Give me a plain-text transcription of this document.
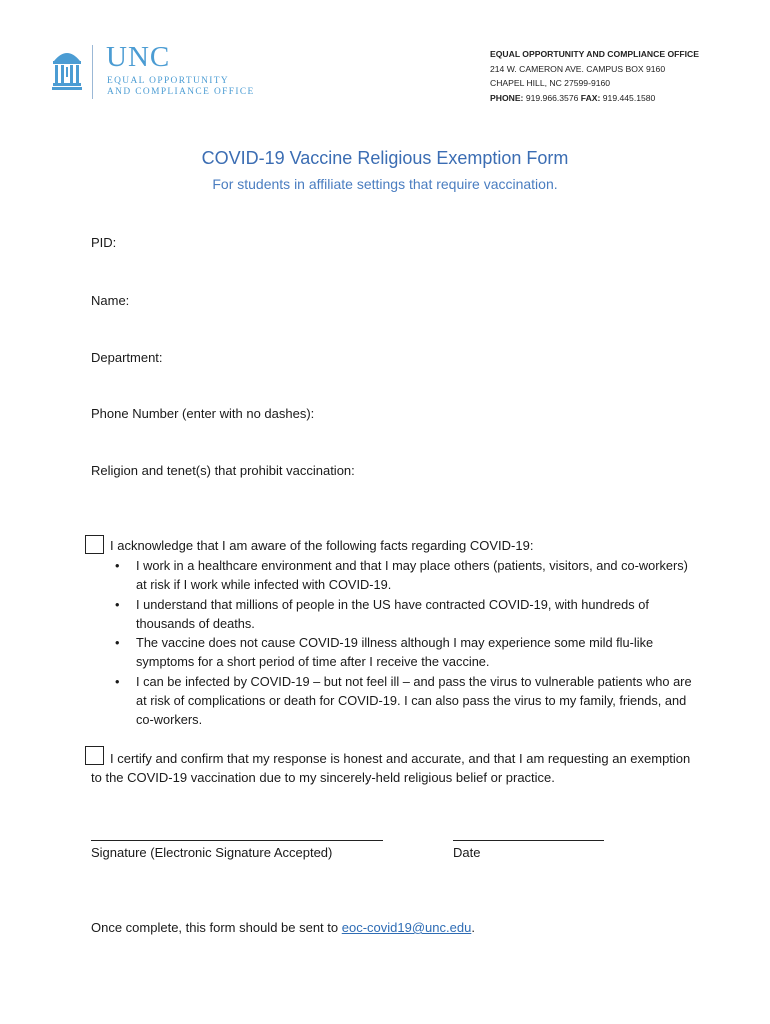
UNC
EQUAL OPPORTUNITY
AND COMPLIANCE OFFICE
EQUAL OPPORTUNITY AND COMPLIANCE OFFICE
214 W. CAMERON AVE. CAMPUS BOX 9160
CHAPEL HILL, NC 27599-9160
PHONE: 919.966.3576 FAX: 919.445.1580
COVID-19 Vaccine Religious Exemption Form
For students in affiliate settings that require vaccination.
PID:
Name:
Department:
Phone Number (enter with no dashes):
Religion and tenet(s) that prohibit vaccination:
I acknowledge that I am aware of the following facts regarding COVID-19:
• I work in a healthcare environment and that I may place others (patients, visitors, and co-workers) at risk if I work while infected with COVID-19.
• I understand that millions of people in the US have contracted COVID-19, with hundreds of thousands of deaths.
• The vaccine does not cause COVID-19 illness although I may experience some mild flu-like symptoms for a short period of time after I receive the vaccine.
• I can be infected by COVID-19 – but not feel ill – and pass the virus to vulnerable patients who are at risk of complications or death for COVID-19. I can also pass the virus to my family, friends, and co-workers.
I certify and confirm that my response is honest and accurate, and that I am requesting an exemption to the COVID-19 vaccination due to my sincerely-held religious belief or practice.
Signature (Electronic Signature Accepted)	Date
Once complete, this form should be sent to eoc-covid19@unc.edu.
